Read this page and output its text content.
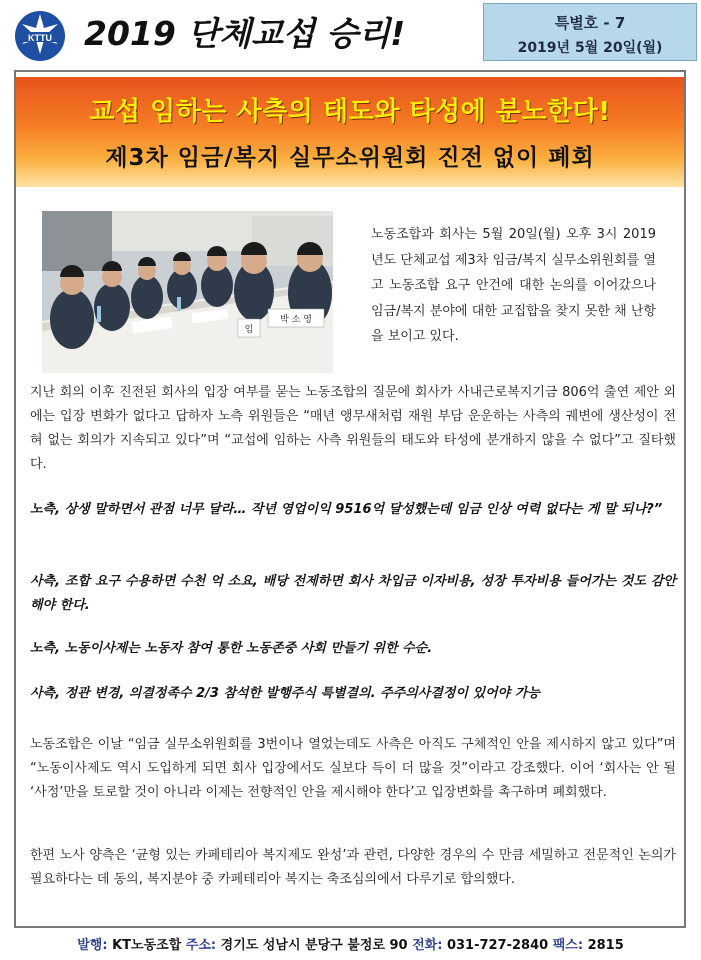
KTTU 2019 단체교섭 승리!	특별호 - 7
2019년 5월 20일(월)
교섭 임하는 사측의 태도와 타성에 분노한다!
제3차 임금/복지 실무소위원회 진전 없이 폐회
임
박 소 영
노동조합과 회사는 5월 20일(월) 오후 3시 2019년도 단체교섭 제3차 임금/복지 실무소위원회를 열고 노동조합 요구 안건에 대한 논의를 이어갔으나 임금/복지 분야에 대한 교집합을 찾지 못한 채 난항을 보이고 있다.
지난 회의 이후 진전된 회사의 입장 여부를 묻는 노동조합의 질문에 회사가 사내근로복지기금 806억 출연 제안 외에는 입장 변화가 없다고 답하자 노측 위원들은 “매년 앵무새처럼 재원 부담 운운하는 사측의 궤변에 생산성이 전혀 없는 회의가 지속되고 있다”며 “교섭에 임하는 사측 위원들의 태도와 타성에 분개하지 않을 수 없다”고 질타했다.
노측, 상생 말하면서 관점 너무 달라… 작년 영업이익 9516억 달성했는데 임금 인상 여력 없다는 게 말 되나?”
사측, 조합 요구 수용하면 수천 억 소요, 배당 전제하면 회사 차입금 이자비용, 성장 투자비용 들어가는 것도 감안해야 한다.
노측, 노동이사제는 노동자 참여 통한 노동존중 사회 만들기 위한 수순.
사측, 정관 변경, 의결정족수 2/3 참석한 발행주식 특별결의. 주주의사결정이 있어야 가능
노동조합은 이날 “임금 실무소위원회를 3번이나 열었는데도 사측은 아직도 구체적인 안을 제시하지 않고 있다”며 “노동이사제도 역시 도입하게 되면 회사 입장에서도 실보다 득이 더 많을 것”이라고 강조했다. 이어 ‘회사는 안 될 ‘사정’만을 토로할 것이 아니라 이제는 전향적인 안을 제시해야 한다’고 입장변화를 촉구하며 폐회했다.
한편 노사 양측은 ‘균형 있는 카페테리아 복지제도 완성’과 관련, 다양한 경우의 수 만큼 세밀하고 전문적인 논의가 필요하다는 데 동의, 복지분야 중 카페테리아 복지는 축조심의에서 다루기로 합의했다.
발행: KT노동조합 주소: 경기도 성남시 분당구 불정로 90 전화: 031-727-2840 팩스: 2815
